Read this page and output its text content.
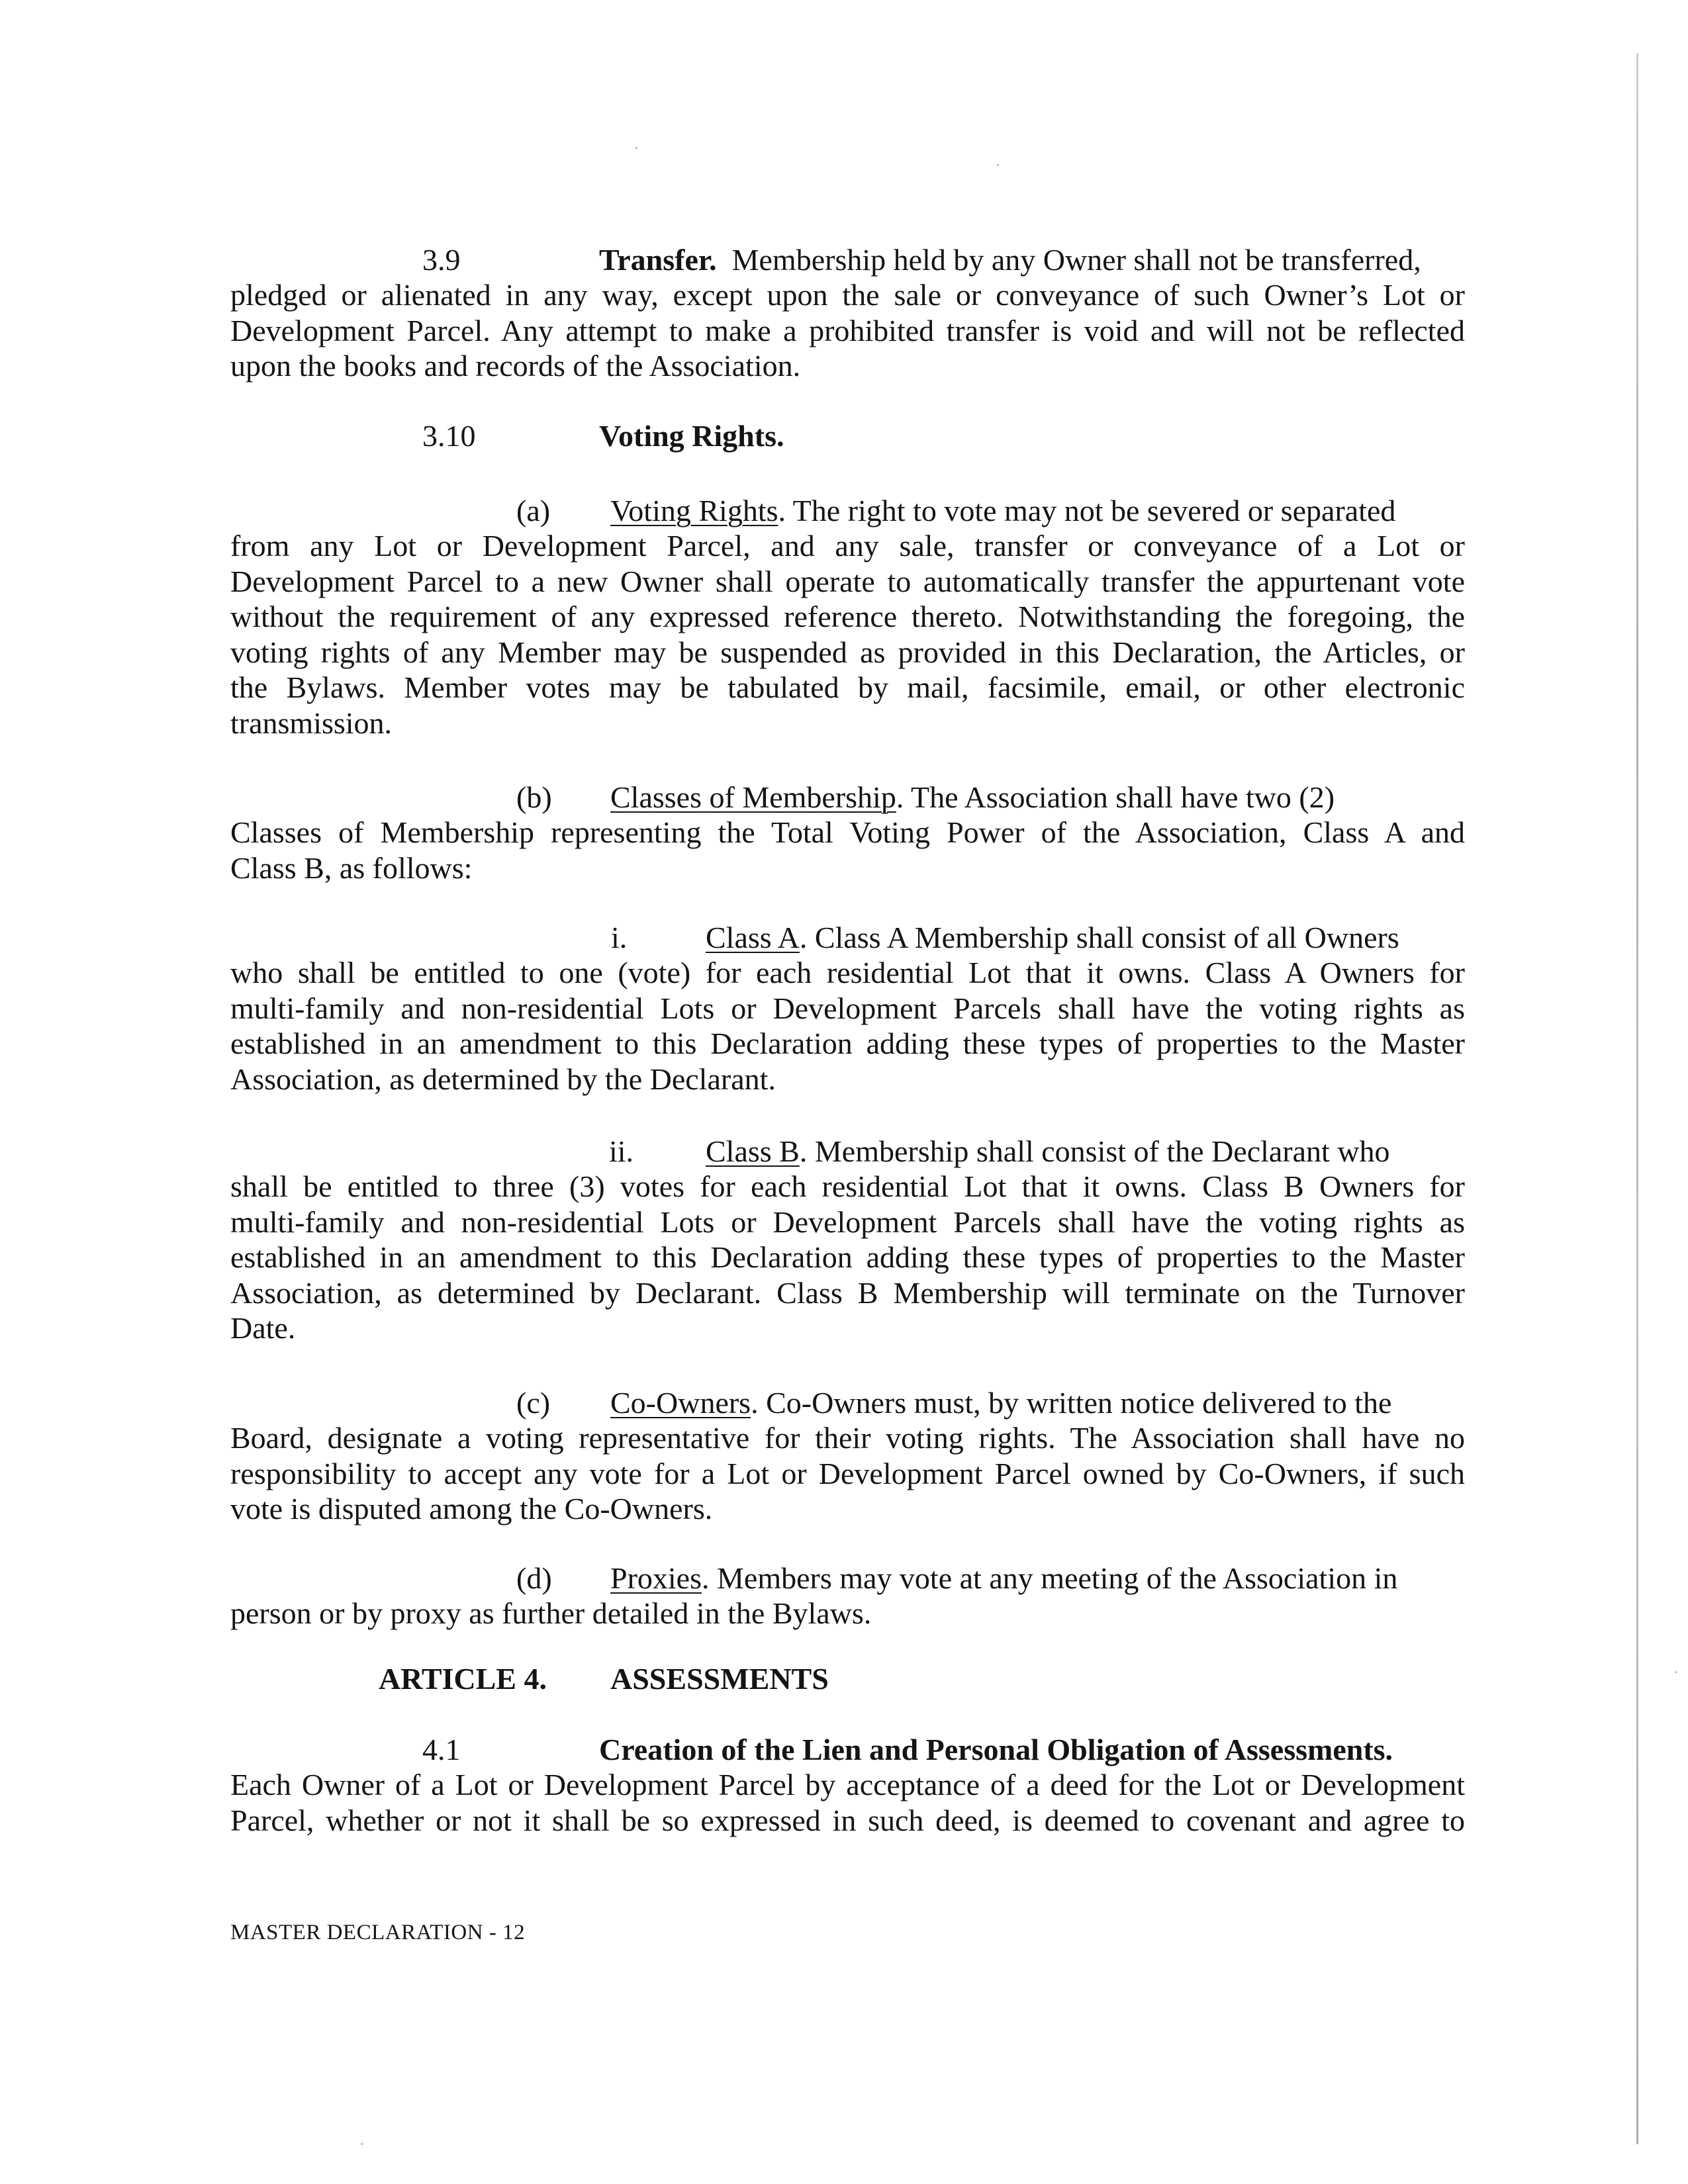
3.9	Transfer. Membership held by any Owner shall not be transferred,
pledged or alienated in any way, except upon the sale or conveyance of such Owner’s Lot or
Development Parcel. Any attempt to make a prohibited transfer is void and will not be reflected
upon the books and records of the Association.
3.10	Voting Rights.
(a) Voting Rights. The right to vote may not be severed or separated
from any Lot or Development Parcel, and any sale, transfer or conveyance of a Lot or
Development Parcel to a new Owner shall operate to automatically transfer the appurtenant vote
without the requirement of any expressed reference thereto. Notwithstanding the foregoing, the
voting rights of any Member may be suspended as provided in this Declaration, the Articles, or
the Bylaws. Member votes may be tabulated by mail, facsimile, email, or other electronic
transmission.
(b) Classes of Membership. The Association shall have two (2)
Classes of Membership representing the Total Voting Power of the Association, Class A and
Class B, as follows:
i.	Class A. Class A Membership shall consist of all Owners
who shall be entitled to one (vote) for each residential Lot that it owns. Class A Owners for
multi-family and non-residential Lots or Development Parcels shall have the voting rights as
established in an amendment to this Declaration adding these types of properties to the Master
Association, as determined by the Declarant.
ii. Class B. Membership shall consist of the Declarant who
shall be entitled to three (3) votes for each residential Lot that it owns. Class B Owners for
multi-family and non-residential Lots or Development Parcels shall have the voting rights as
established in an amendment to this Declaration adding these types of properties to the Master
Association, as determined by Declarant. Class B Membership will terminate on the Turnover
Date.
(c) Co-Owners. Co-Owners must, by written notice delivered to the
Board, designate a voting representative for their voting rights. The Association shall have no
responsibility to accept any vote for a Lot or Development Parcel owned by Co-Owners, if such
vote is disputed among the Co-Owners.
(d) Proxies. Members may vote at any meeting of the Association in
person or by proxy as further detailed in the Bylaws.
ARTICLE 4. ASSESSMENTS
4.1	Creation of the Lien and Personal Obligation of Assessments.
Each Owner of a Lot or Development Parcel by acceptance of a deed for the Lot or Development
Parcel, whether or not it shall be so expressed in such deed, is deemed to covenant and agree to
MASTER DECLARATION - 12
